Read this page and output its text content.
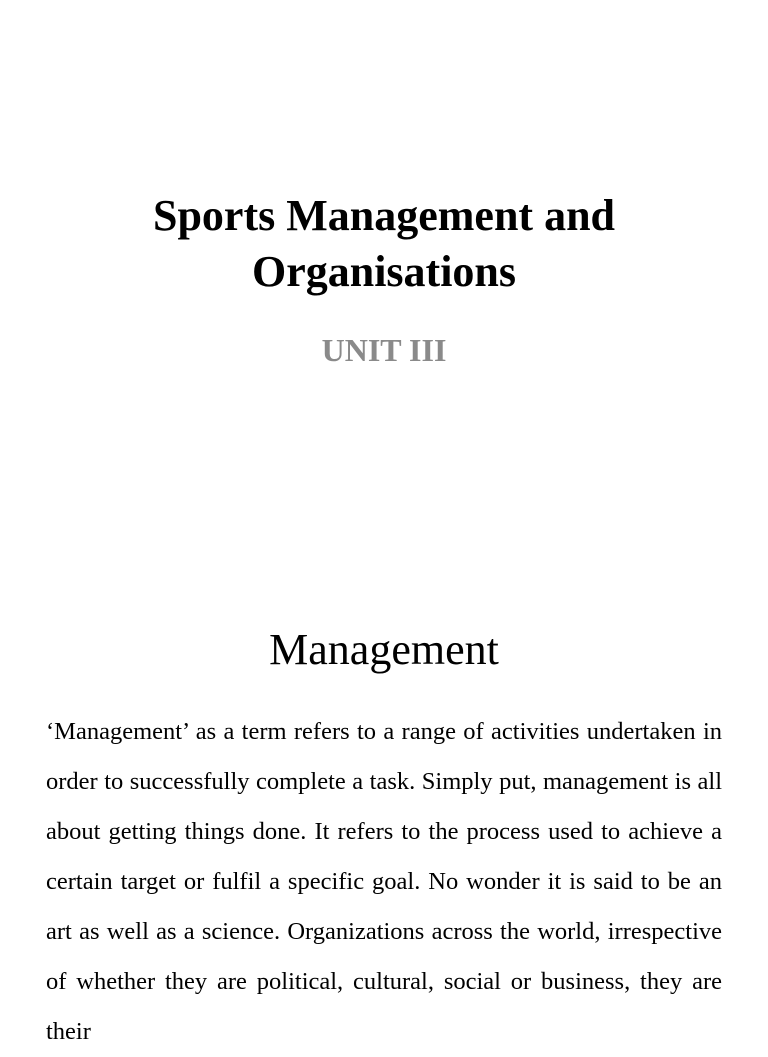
Sports Management and
Organisations
UNIT III
Management

‘Management’ as a term refers to a range of activities undertaken in order to successfully complete a task. Simply put, management is all about getting things done. It refers to the process used to achieve a certain target or fulfil a specific goal. No wonder it is said to be an art as well as a science. Organizations across the world, irrespective of whether they are political, cultural, social or business, they are their
